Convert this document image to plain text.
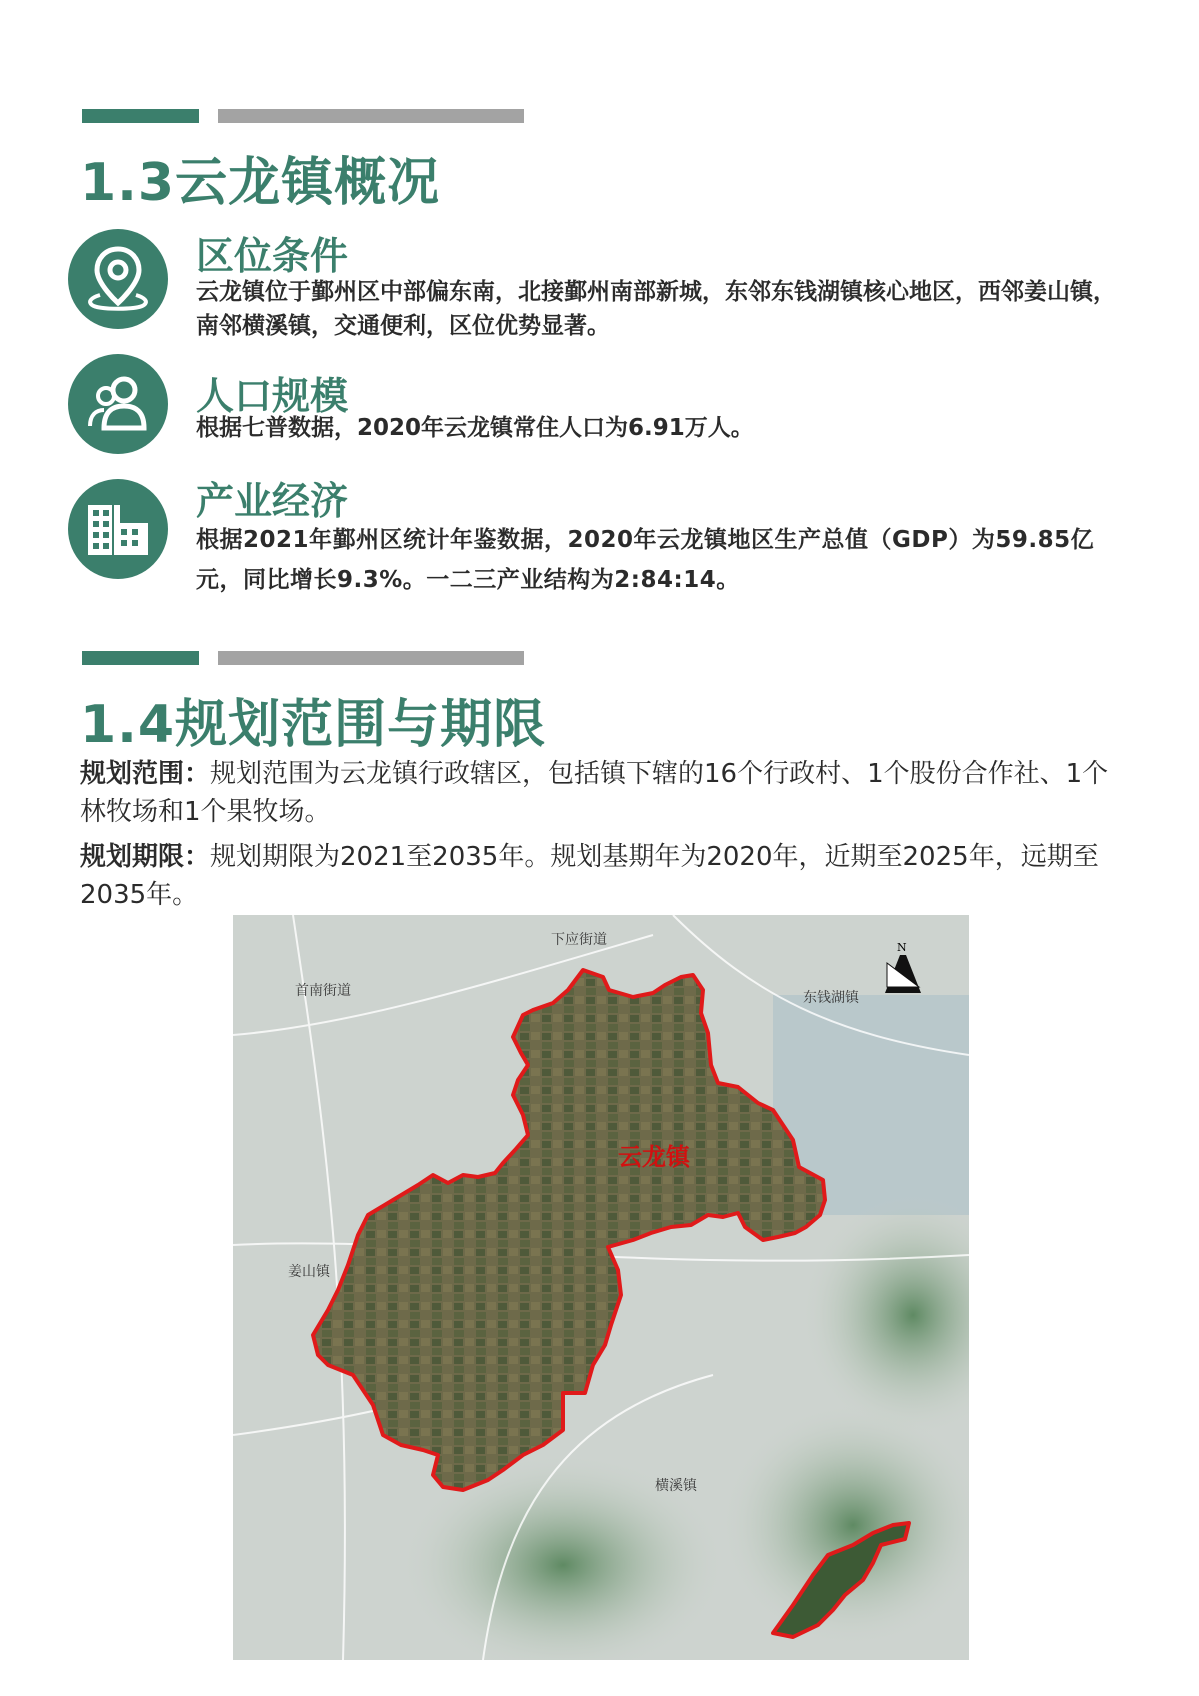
1.3云龙镇概况
区位条件
云龙镇位于鄞州区中部偏东南，北接鄞州南部新城，东邻东钱湖镇核心地区，西邻姜山镇，南邻横溪镇，交通便利，区位优势显著。
人口规模
根据七普数据，2020年云龙镇常住人口为6.91万人。
产业经济
根据2021年鄞州区统计年鉴数据，2020年云龙镇地区生产总值（GDP）为59.85亿元，同比增长9.3%。一二三产业结构为2:84:14。
1.4规划范围与期限
规划范围：规划范围为云龙镇行政辖区，包括镇下辖的16个行政村、1个股份合作社、1个林牧场和1个果牧场。
规划期限：规划期限为2021至2035年。规划基期年为2020年，近期至2025年，远期至2035年。
N
下应街道
首南街道	东钱湖镇
姜山镇
横溪镇
云龙镇
